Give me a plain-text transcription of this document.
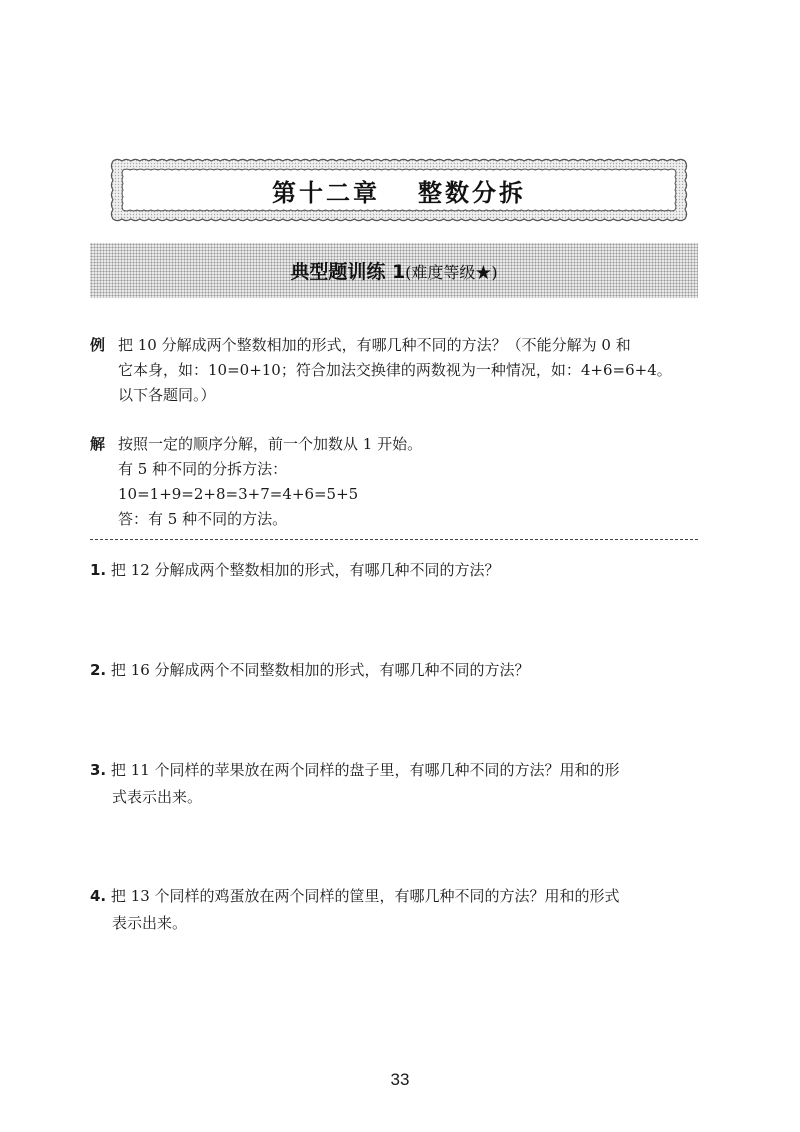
第十二章 整数分拆
典型题训练 1(难度等级★)
例 把 10 分解成两个整数相加的形式，有哪几种不同的方法？（不能分解为 0 和
它本身，如：10=0+10；符合加法交换律的两数视为一种情况，如：4+6=6+4。
以下各题同。）
解 按照一定的顺序分解，前一个加数从 1 开始。
有 5 种不同的分拆方法：
10=1+9=2+8=3+7=4+6=5+5
答：有 5 种不同的方法。
1. 把 12 分解成两个整数相加的形式，有哪几种不同的方法？
2. 把 16 分解成两个不同整数相加的形式，有哪几种不同的方法？
3. 把 11 个同样的苹果放在两个同样的盘子里，有哪几种不同的方法？用和的形
式表示出来。
4. 把 13 个同样的鸡蛋放在两个同样的筐里，有哪几种不同的方法？用和的形式
表示出来。
33
